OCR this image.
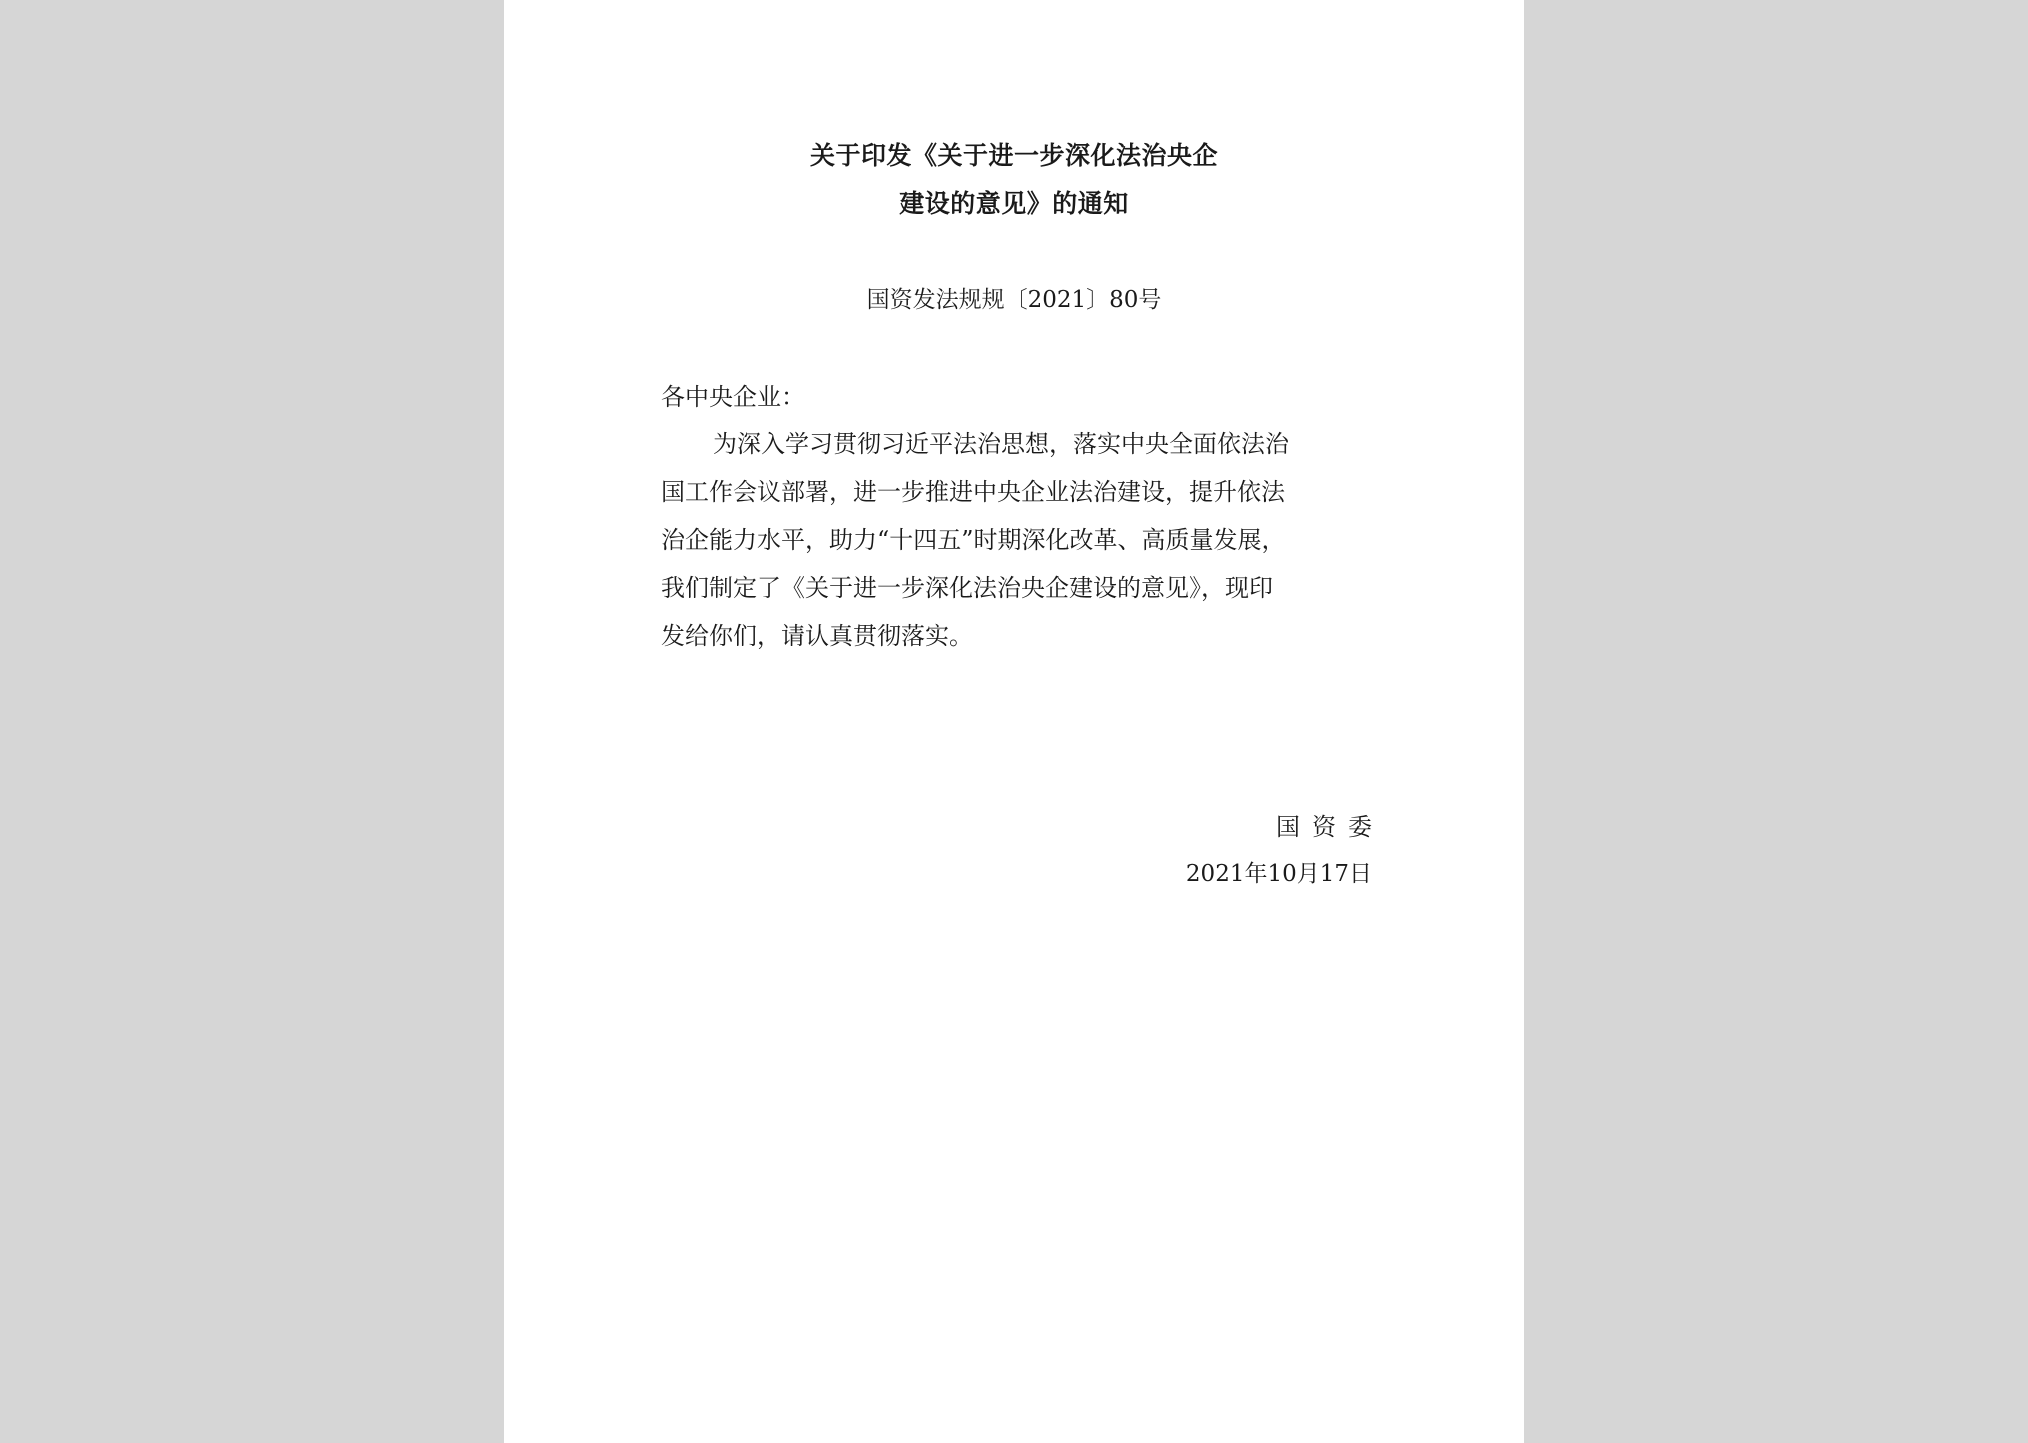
关于印发《关于进一步深化法治央企
建设的意见》的通知
国资发法规规〔2021〕80号
各中央企业：
为深入学习贯彻习近平法治思想，落实中央全面依法治
国工作会议部署，进一步推进中央企业法治建设，提升依法
治企能力水平，助力“十四五”时期深化改革、高质量发展，
我们制定了《关于进一步深化法治央企建设的意见》，现印
发给你们，请认真贯彻落实。
国资委
2021年10月17日
